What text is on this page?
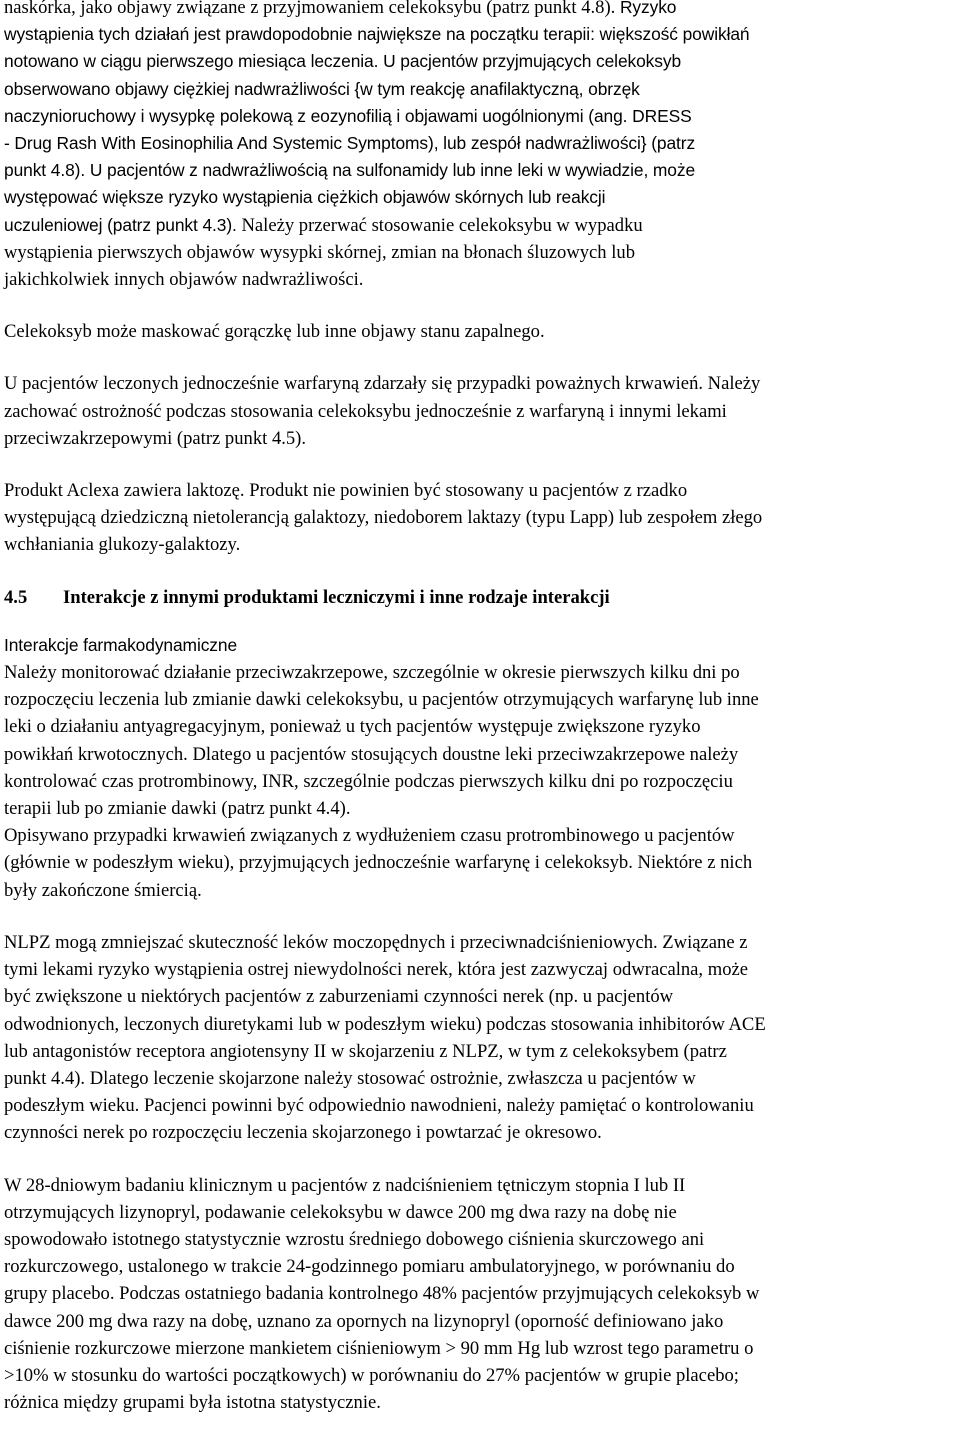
naskórka, jako objawy związane z przyjmowaniem celekoksybu (patrz punkt 4.8). Ryzyko
wystąpienia tych działań jest prawdopodobnie największe na początku terapii: większość powikłań
notowano w ciągu pierwszego miesiąca leczenia. U pacjentów przyjmujących celekoksyb
obserwowano objawy ciężkiej nadwrażliwości {w tym reakcję anafilaktyczną, obrzęk
naczynioruchowy i wysypkę polekową z eozynofilią i objawami uogólnionymi (ang. DRESS
- Drug Rash With Eosinophilia And Systemic Symptoms), lub zespół nadwrażliwości} (patrz
punkt 4.8). U pacjentów z nadwrażliwością na sulfonamidy lub inne leki w wywiadzie, może
występować większe ryzyko wystąpienia ciężkich objawów skórnych lub reakcji
uczuleniowej (patrz punkt 4.3). Należy przerwać stosowanie celekoksybu w wypadku
wystąpienia pierwszych objawów wysypki skórnej, zmian na błonach śluzowych lub
jakichkolwiek innych objawów nadwrażliwości.

Celekoksyb może maskować gorączkę lub inne objawy stanu zapalnego.

U pacjentów leczonych jednocześnie warfaryną zdarzały się przypadki poważnych krwawień. Należy
zachować ostrożność podczas stosowania celekoksybu jednocześnie z warfaryną i innymi lekami
przeciwzakrzepowymi (patrz punkt 4.5).

Produkt Aclexa zawiera laktozę. Produkt nie powinien być stosowany u pacjentów z rzadko
występującą dziedziczną nietolerancją galaktozy, niedoborem laktazy (typu Lapp) lub zespołem złego
wchłaniania glukozy-galaktozy.

4.5 Interakcje z innymi produktami leczniczymi i inne rodzaje interakcji
Interakcje farmakodynamiczne
Należy monitorować działanie przeciwzakrzepowe, szczególnie w okresie pierwszych kilku dni po
rozpoczęciu leczenia lub zmianie dawki celekoksybu, u pacjentów otrzymujących warfarynę lub inne
leki o działaniu antyagregacyjnym, ponieważ u tych pacjentów występuje zwiększone ryzyko
powikłań krwotocznych. Dlatego u pacjentów stosujących doustne leki przeciwzakrzepowe należy
kontrolować czas protrombinowy, INR, szczególnie podczas pierwszych kilku dni po rozpoczęciu
terapii lub po zmianie dawki (patrz punkt 4.4).
Opisywano przypadki krwawień związanych z wydłużeniem czasu protrombinowego u pacjentów
(głównie w podeszłym wieku), przyjmujących jednocześnie warfarynę i celekoksyb. Niektóre z nich
były zakończone śmiercią.
NLPZ mogą zmniejszać skuteczność leków moczopędnych i przeciwnadciśnieniowych. Związane z
tymi lekami ryzyko wystąpienia ostrej niewydolności nerek, która jest zazwyczaj odwracalna, może
być zwiększone u niektórych pacjentów z zaburzeniami czynności nerek (np. u pacjentów
odwodnionych, leczonych diuretykami lub w podeszłym wieku) podczas stosowania inhibitorów ACE
lub antagonistów receptora angiotensyny II w skojarzeniu z NLPZ, w tym z celekoksybem (patrz
punkt 4.4). Dlatego leczenie skojarzone należy stosować ostrożnie, zwłaszcza u pacjentów w
podeszłym wieku. Pacjenci powinni być odpowiednio nawodnieni, należy pamiętać o kontrolowaniu
czynności nerek po rozpoczęciu leczenia skojarzonego i powtarzać je okresowo.
W 28-dniowym badaniu klinicznym u pacjentów z nadciśnieniem tętniczym stopnia I lub II
otrzymujących lizynopryl, podawanie celekoksybu w dawce 200 mg dwa razy na dobę nie
spowodowało istotnego statystycznie wzrostu średniego dobowego ciśnienia skurczowego ani
rozkurczowego, ustalonego w trakcie 24-godzinnego pomiaru ambulatoryjnego, w porównaniu do
grupy placebo. Podczas ostatniego badania kontrolnego 48% pacjentów przyjmujących celekoksyb w
dawce 200 mg dwa razy na dobę, uznano za opornych na lizynopryl (oporność definiowano jako
ciśnienie rozkurczowe mierzone mankietem ciśnieniowym > 90 mm Hg lub wzrost tego parametru o
>10% w stosunku do wartości początkowych) w porównaniu do 27% pacjentów w grupie placebo;
różnica między grupami była istotna statystycznie.
